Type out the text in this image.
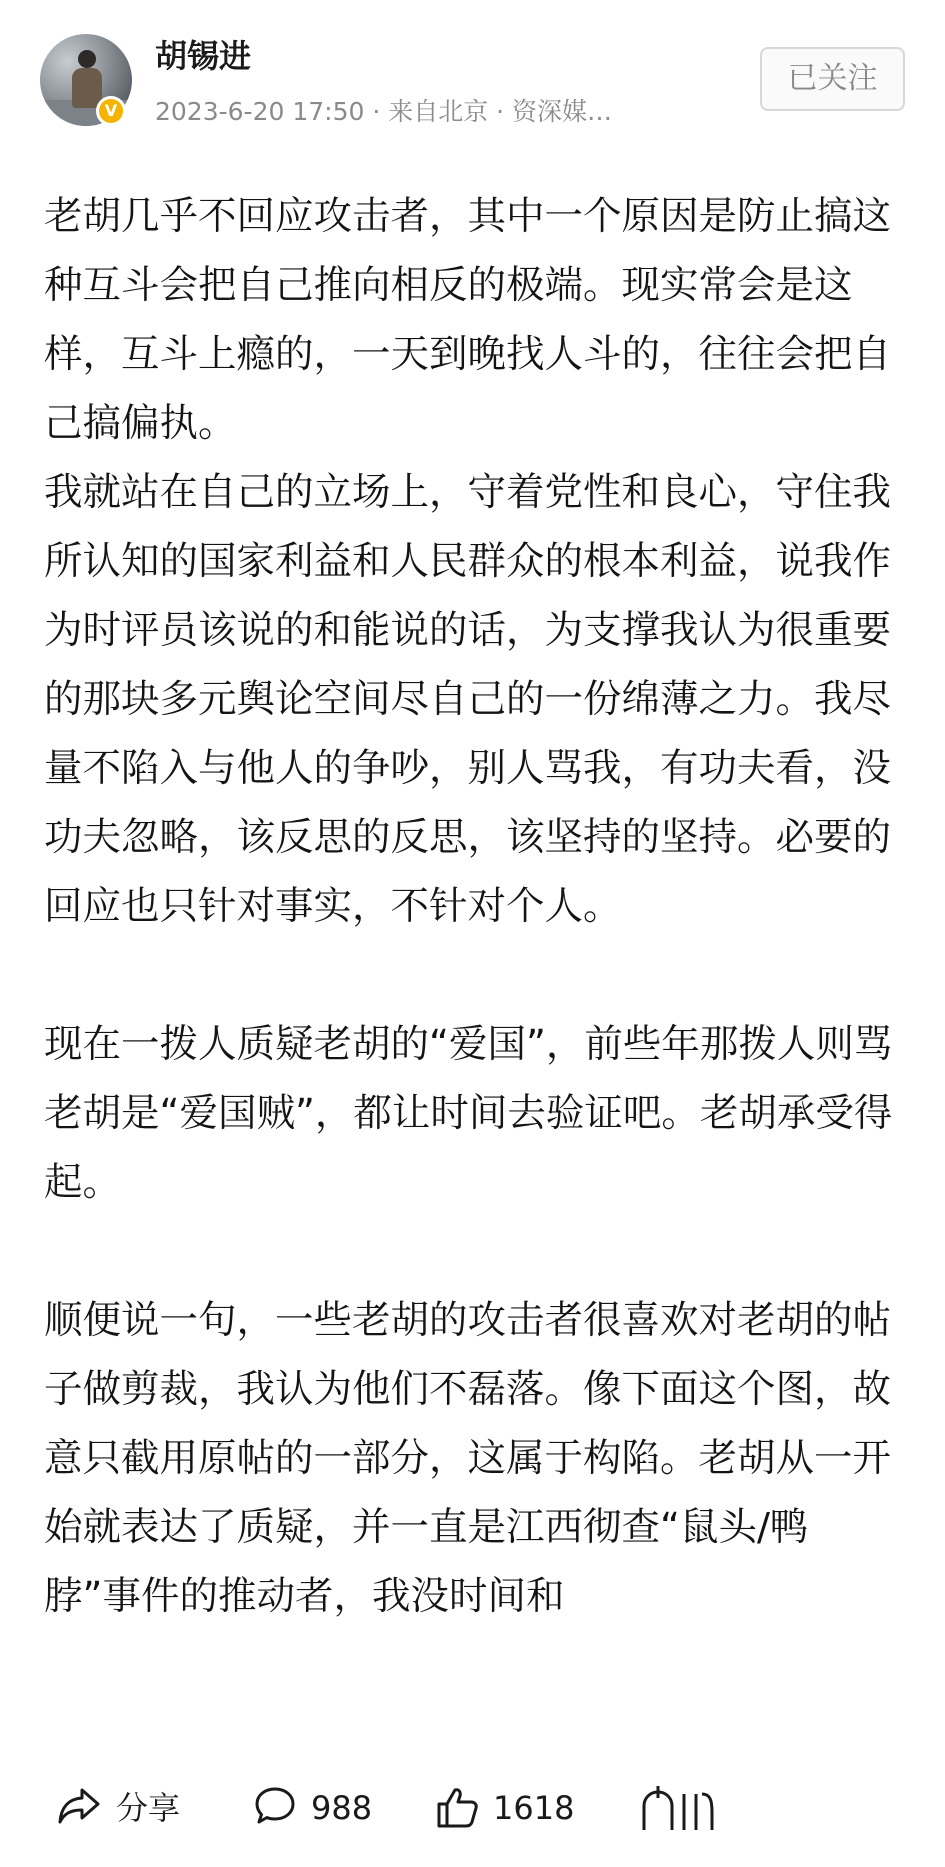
V
胡锡进
2023-6-20 17:50 · 来自北京 · 资深媒…
已关注

老胡几乎不回应攻击者，其中一个原因是防止搞这种互斗会把自己推向相反的极端。现实常会是这样，互斗上瘾的，一天到晚找人斗的，往往会把自己搞偏执。

我就站在自己的立场上，守着党性和良心，守住我所认知的国家利益和人民群众的根本利益，说我作为时评员该说的和能说的话，为支撑我认为很重要的那块多元舆论空间尽自己的一份绵薄之力。我尽量不陷入与他人的争吵，别人骂我，有功夫看，没功夫忽略，该反思的反思，该坚持的坚持。必要的回应也只针对事实，不针对个人。

现在一拨人质疑老胡的“爱国”，前些年那拨人则骂老胡是“爱国贼”，都让时间去验证吧。老胡承受得起。

顺便说一句，一些老胡的攻击者很喜欢对老胡的帖子做剪裁，我认为他们不磊落。像下面这个图，故意只截用原帖的一部分，这属于构陷。老胡从一开始就表达了质疑，并一直是江西彻查“鼠头/鸭脖”事件的推动者，我没时间和

分享	988	1618
